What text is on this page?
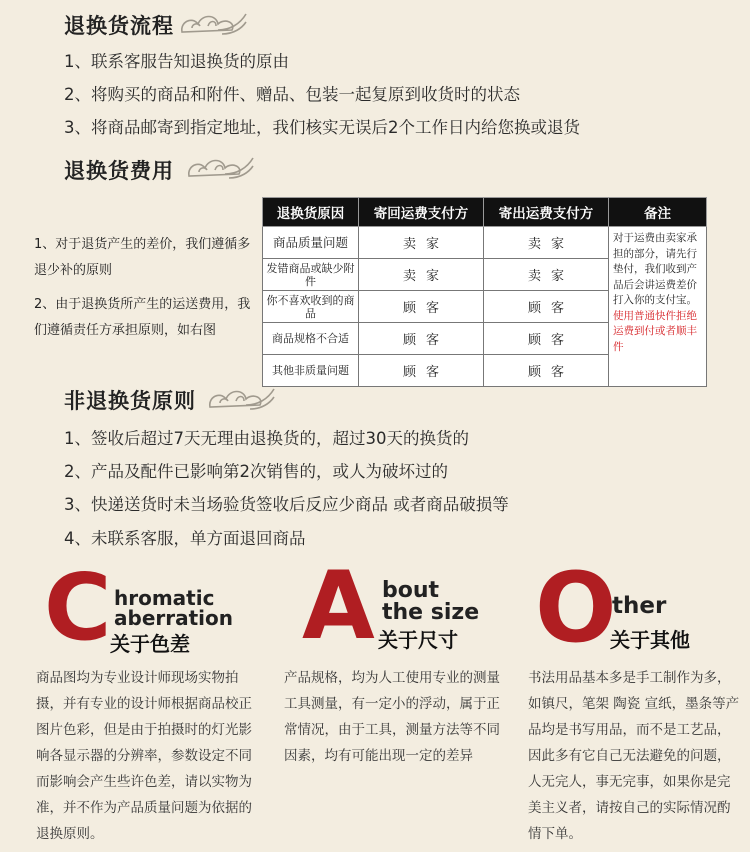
退换货流程
1、联系客服告知退换货的原由
2、将购买的商品和附件、赠品、包装一起复原到收货时的状态
3、将商品邮寄到指定地址，我们核实无误后2个工作日内给您换或退货
退换货费用
1、对于退货产生的差价，我们遵循多退少补的原则
2、由于退换货所产生的运送费用，我们遵循责任方承担原则，如右图
退换货原因	寄回运费支付方	寄出运费支付方	备注
商品质量问题	卖家	卖家	对于运费由卖家承担的部分，请先行垫付，我们收到产品后会讲运费差价打入你的支付宝。
使用普通快件拒绝运费到付或者顺丰件
发错商品或缺少附件	卖家	卖家	
你不喜欢收到的商品	顾客	顾客	
商品规格不合适	顾客	顾客	
其他非质量问题	顾客	顾客	
非退换货原则
1、签收后超过7天无理由退换货的，超过30天的换货的
2、产品及配件已影响第2次销售的，或人为破坏过的
3、快递送货时未当场验货签收后反应少商品 或者商品破损等
4、未联系客服，单方面退回商品
C hromatic
aberration
关于色差
商品图均为专业设计师现场实物拍摄，并有专业的设计师根据商品校正图片色彩，但是由于拍摄时的灯光影响各显示器的分辨率，参数设定不同而影响会产生些许色差，请以实物为准，并不作为产品质量问题为依据的退换原则。
A bout
the size
关于尺寸
产品规格，均为人工使用专业的测量工具测量，有一定小的浮动，属于正常情况，由于工具，测量方法等不同因素，均有可能出现一定的差异
O
ther
关于其他
书法用品基本多是手工制作为多，如镇尺，笔架 陶瓷 宣纸，墨条等产品均是书写用品，而不是工艺品，因此多有它自己无法避免的问题，人无完人，事无完事，如果你是完美主义者，请按自己的实际情况酌情下单。
